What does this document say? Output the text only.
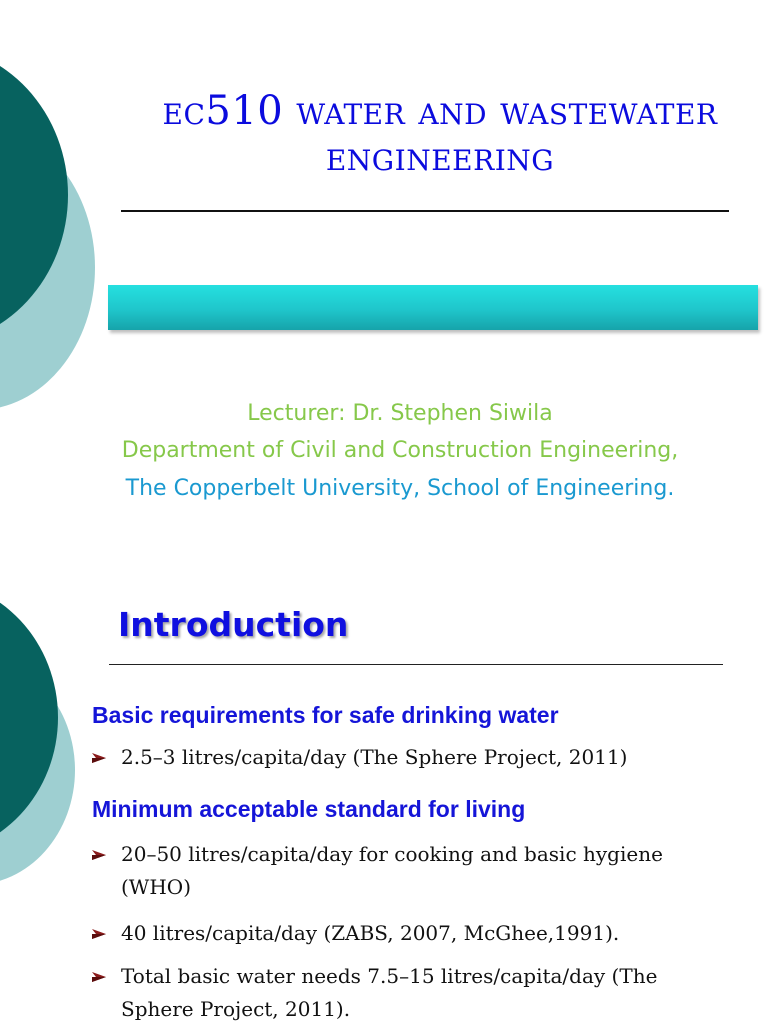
ec510 water and wastewater engineering
Lecturer: Dr. Stephen Siwila
Department of Civil and Construction Engineering,
The Copperbelt University, School of Engineering.
Introduction
Basic requirements for safe drinking water
2.5–3 litres/capita/day (The Sphere Project, 2011)
Minimum acceptable standard for living
20–50 litres/capita/day for cooking and basic hygiene (WHO)
40 litres/capita/day (ZABS, 2007, McGhee,1991).
Total basic water needs 7.5–15 litres/capita/day (The Sphere Project, 2011).
